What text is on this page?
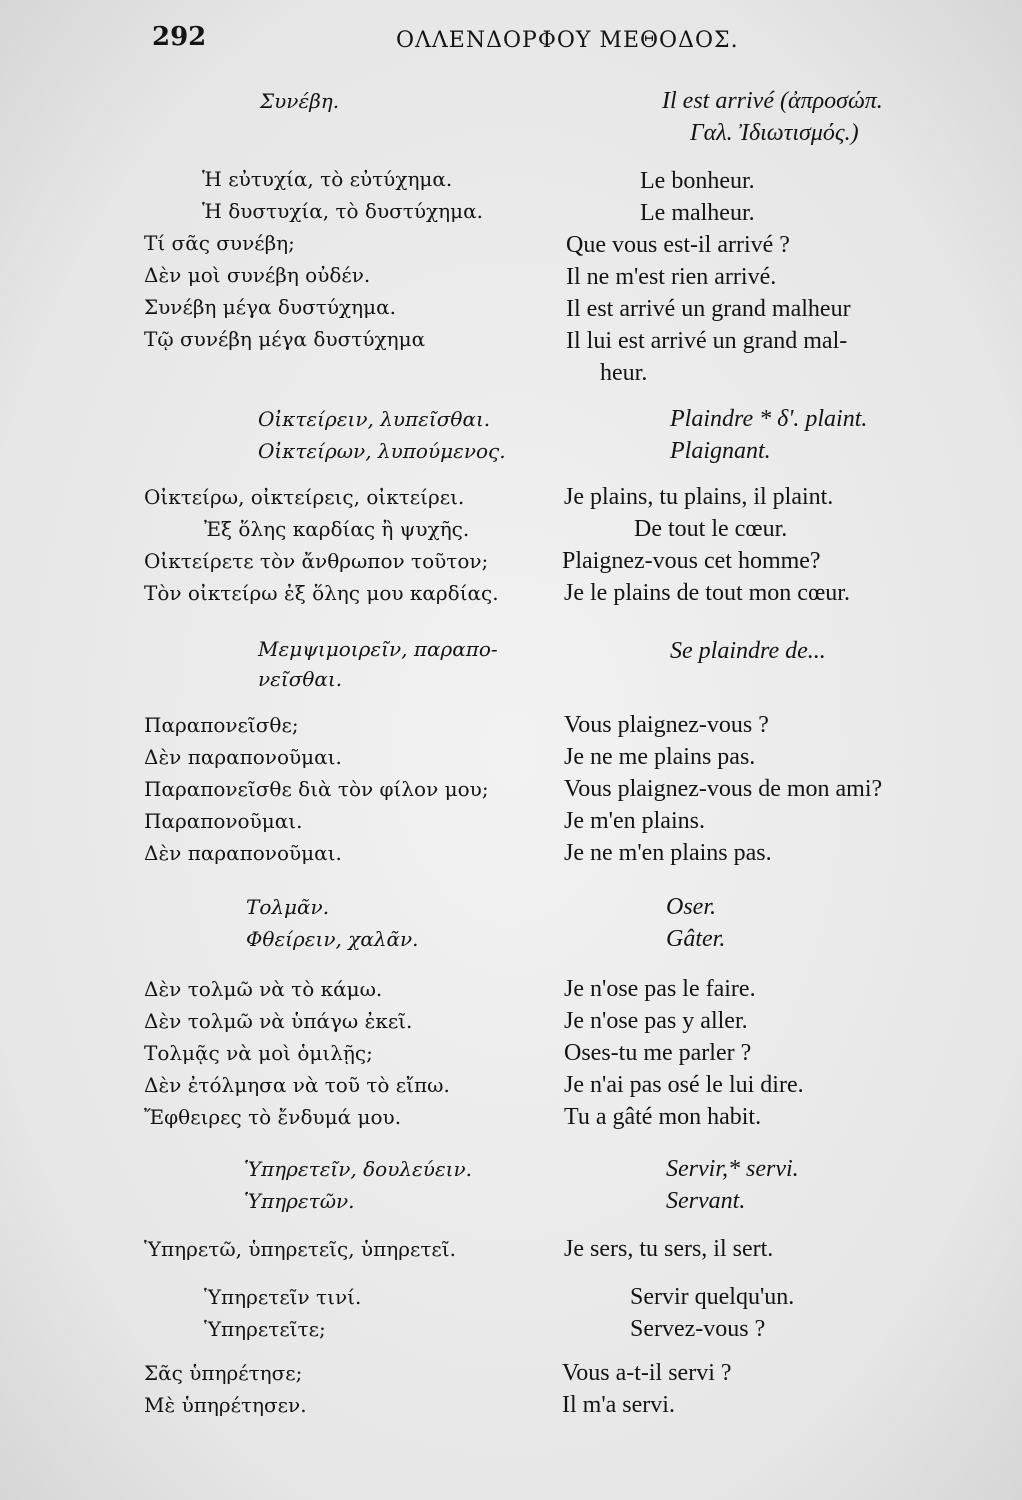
292	ΟΛΛΕΝΔΟΡΦΟΥ ΜΕΘΟΔΟΣ.
Συνέβη.
Ἡ εὐτυχία, τὸ εὐτύχημα.
Ἡ δυστυχία, τὸ δυστύχημα.
Τί σᾶς συνέβη;
Δὲν μοὶ συνέβη οὐδέν.
Συνέβη μέγα δυστύχημα.
Τῷ συνέβη μέγα δυστύχημα
Οἰκτείρειν, λυπεῖσθαι.
Οἰκτείρων, λυπούμενος.
Οἰκτείρω, οἰκτείρεις, οἰκτείρει.
Ἐξ ὅλης καρδίας ἢ ψυχῆς.
Οἰκτείρετε τὸν ἄνθρωπον τοῦτον;
Τὸν οἰκτείρω ἐξ ὅλης μου καρδίας.
Μεμψιμοιρεῖν, παραπο-
νεῖσθαι.
Παραπονεῖσθε;
Δὲν παραπονοῦμαι.
Παραπονεῖσθε διὰ τὸν φίλον μου;
Παραπονοῦμαι.
Δὲν παραπονοῦμαι.
Τολμᾶν.
Φθείρειν, χαλᾶν.
Δὲν τολμῶ νὰ τὸ κάμω.
Δὲν τολμῶ νὰ ὑπάγω ἐκεῖ.
Τολμᾷς νὰ μοὶ ὁμιλῇς;
Δὲν ἐτόλμησα νὰ τοῦ τὸ εἴπω.
Ἔφθειρες τὸ ἔνδυμά μου.
Ὑπηρετεῖν, δουλεύειν.
Ὑπηρετῶν.
Ὑπηρετῶ, ὑπηρετεῖς, ὑπηρετεῖ.
Ὑπηρετεῖν τινί.
Ὑπηρετεῖτε;
Σᾶς ὑπηρέτησε;
Μὲ ὑπηρέτησεν.
Il est arrivé (ἀπροσώπ.
Γαλ. Ἰδιωτισμός.)
Le bonheur.
Le malheur.
Que vous est-il arrivé ?
Il ne m'est rien arrivé.
Il est arrivé un grand malheur
Il lui est arrivé un grand mal-
heur.
Plaindre * δ'. plaint.
Plaignant.
Je plains, tu plains, il plaint.
De tout le cœur.
Plaignez-vous cet homme?
Je le plains de tout mon cœur.
Se plaindre de...
Vous plaignez-vous ?
Je ne me plains pas.
Vous plaignez-vous de mon ami?
Je m'en plains.
Je ne m'en plains pas.
Oser.
Gâter.
Je n'ose pas le faire.
Je n'ose pas y aller.
Oses-tu me parler ?
Je n'ai pas osé le lui dire.
Tu a gâté mon habit.
Servir,* servi.
Servant.
Je sers, tu sers, il sert.
Servir quelqu'un.
Servez-vous ?
Vous a-t-il servi ?
Il m'a servi.
